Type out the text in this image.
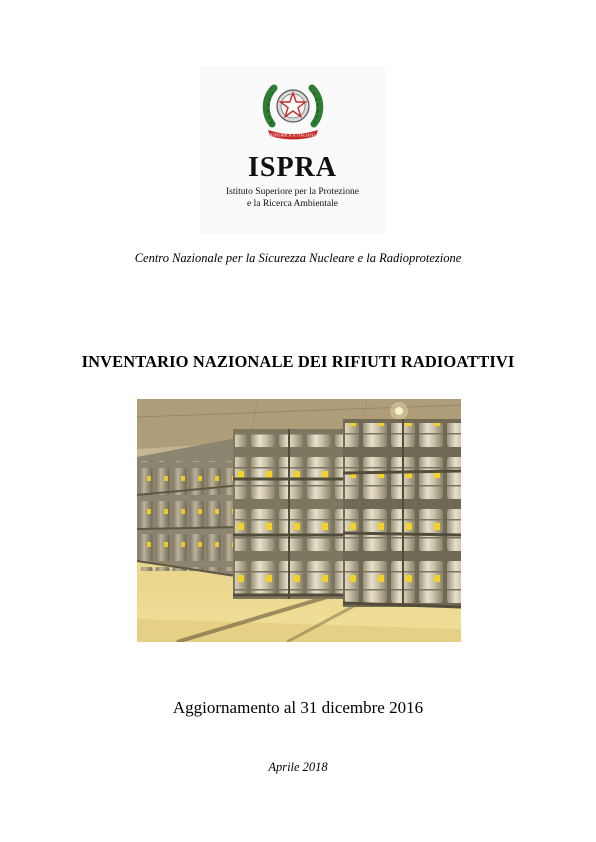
REPUBBLICA ITALIANA
ISPRA
Istituto Superiore per la Protezione
e la Ricerca Ambientale
Centro Nazionale per la Sicurezza Nucleare e la Radioprotezione
INVENTARIO NAZIONALE DEI RIFIUTI RADIOATTIVI
Aggiornamento al 31 dicembre 2016
Aprile 2018
